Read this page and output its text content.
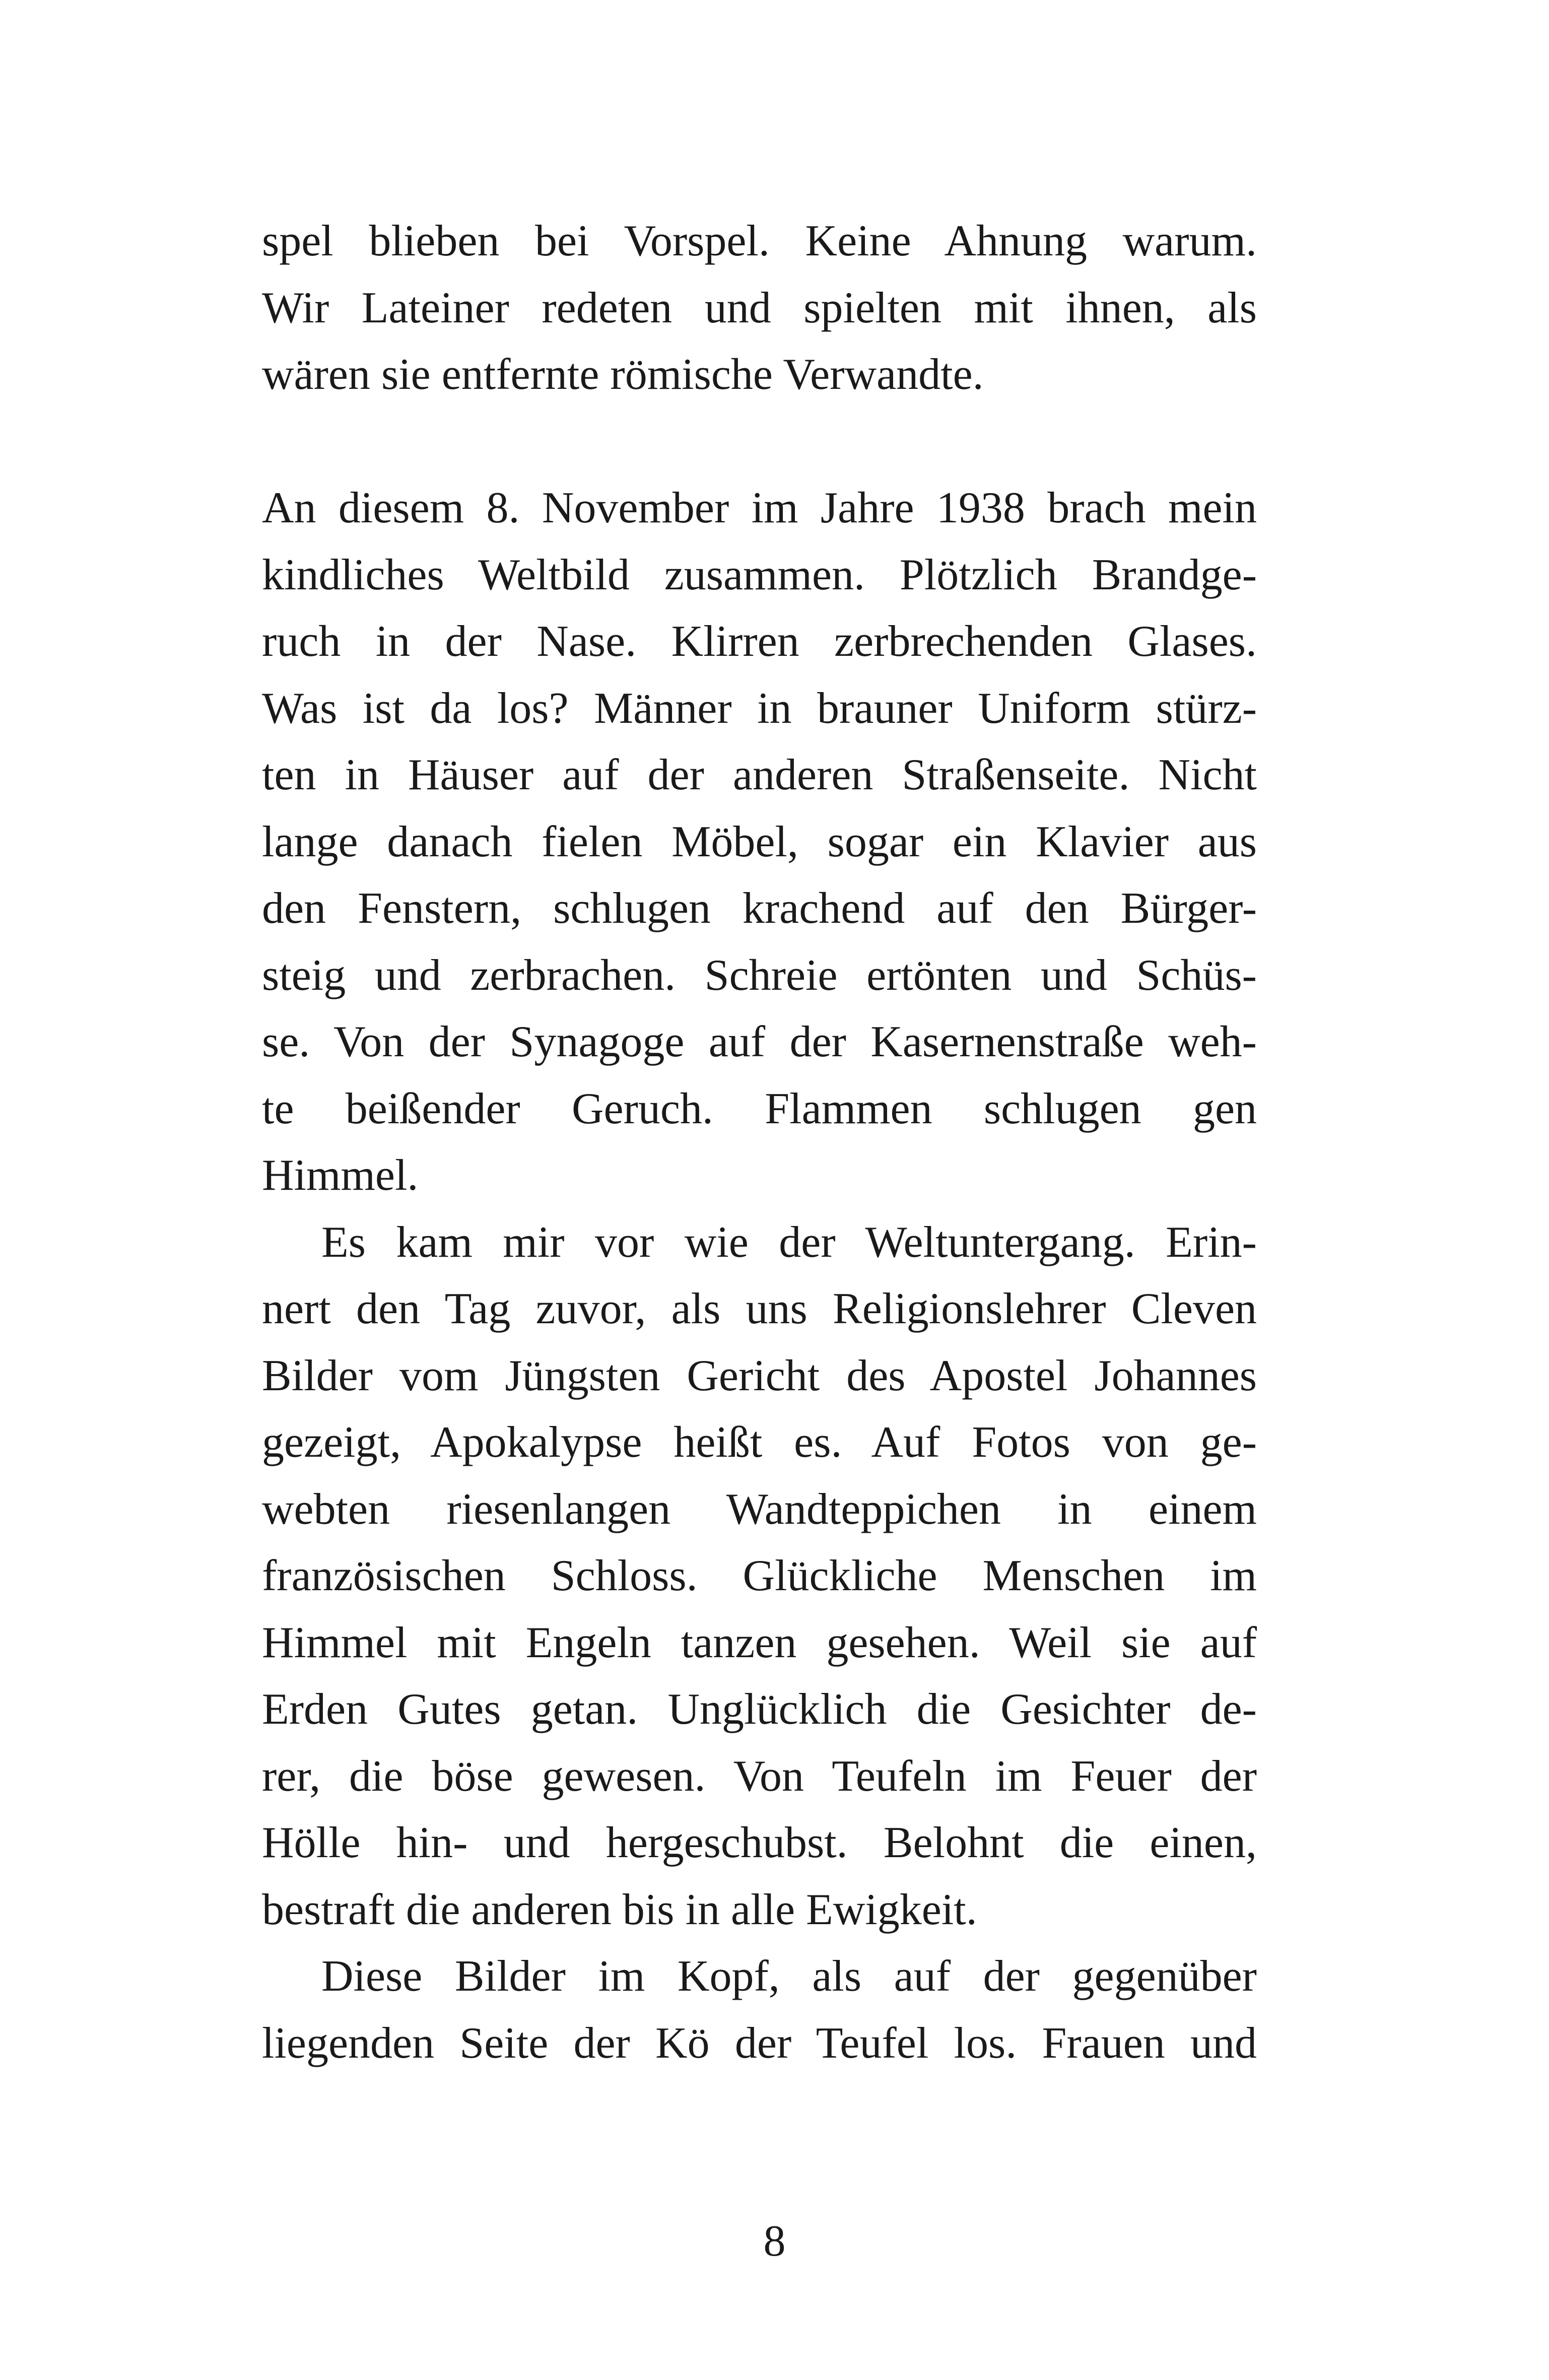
spel blieben bei Vorspel. Keine Ahnung warum.
Wir Lateiner redeten und spielten mit ihnen, als
wären sie entfernte römische Verwandte.
An diesem 8. November im Jahre 1938 brach mein
kindliches Weltbild zusammen. Plötzlich Brandge-
ruch in der Nase. Klirren zerbrechenden Glases.
Was ist da los? Männer in brauner Uniform stürz-
ten in Häuser auf der anderen Straßenseite. Nicht
lange danach fielen Möbel, sogar ein Klavier aus
den Fenstern, schlugen krachend auf den Bürger-
steig und zerbrachen. Schreie ertönten und Schüs-
se. Von der Synagoge auf der Kasernenstraße weh-
te beißender Geruch. Flammen schlugen gen
Himmel.
Es kam mir vor wie der Weltuntergang. Erin-
nert den Tag zuvor, als uns Religionslehrer Cleven
Bilder vom Jüngsten Gericht des Apostel Johannes
gezeigt, Apokalypse heißt es. Auf Fotos von ge-
webten riesenlangen Wandteppichen in einem
französischen Schloss. Glückliche Menschen im
Himmel mit Engeln tanzen gesehen. Weil sie auf
Erden Gutes getan. Unglücklich die Gesichter de-
rer, die böse gewesen. Von Teufeln im Feuer der
Hölle hin- und hergeschubst. Belohnt die einen,
bestraft die anderen bis in alle Ewigkeit.
Diese Bilder im Kopf, als auf der gegenüber
liegenden Seite der Kö der Teufel los. Frauen und
8
